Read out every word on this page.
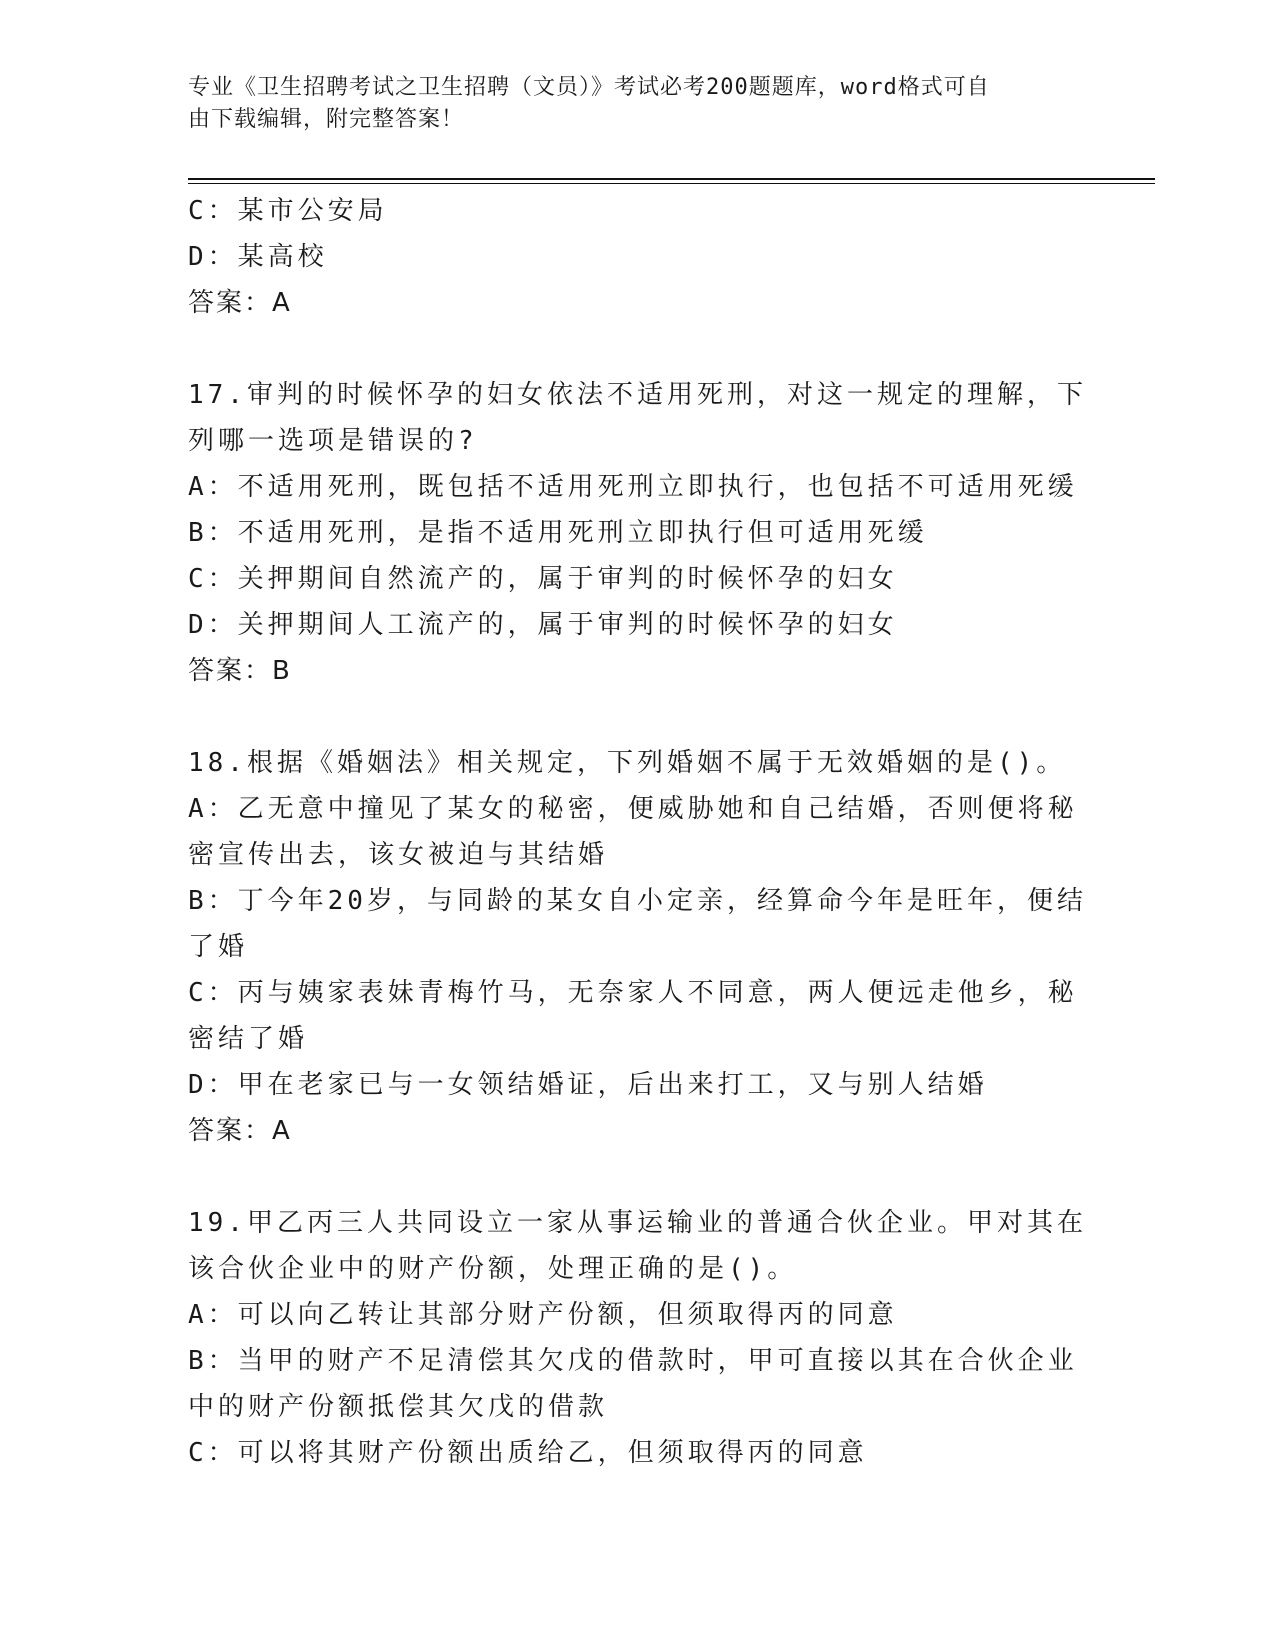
专业《卫生招聘考试之卫生招聘（文员）》考试必考200题题库，word格式可自
由下载编辑，附完整答案！

C：某市公安局

D：某高校

答案：A

17.审判的时候怀孕的妇女依法不适用死刑，对这一规定的理解，下列哪一选项是错误的?

A：不适用死刑，既包括不适用死刑立即执行，也包括不可适用死缓

B：不适用死刑，是指不适用死刑立即执行但可适用死缓

C：关押期间自然流产的，属于审判的时候怀孕的妇女

D：关押期间人工流产的，属于审判的时候怀孕的妇女

答案：B

18.根据《婚姻法》相关规定，下列婚姻不属于无效婚姻的是()。

A：乙无意中撞见了某女的秘密，便威胁她和自己结婚，否则便将秘密宣传出去，该女被迫与其结婚

B：丁今年20岁，与同龄的某女自小定亲，经算命今年是旺年，便结了婚

C：丙与姨家表妹青梅竹马，无奈家人不同意，两人便远走他乡，秘密结了婚

D：甲在老家已与一女领结婚证，后出来打工，又与别人结婚

答案：A

19.甲乙丙三人共同设立一家从事运输业的普通合伙企业。甲对其在该合伙企业中的财产份额，处理正确的是()。

A：可以向乙转让其部分财产份额，但须取得丙的同意

B：当甲的财产不足清偿其欠戊的借款时，甲可直接以其在合伙企业中的财产份额抵偿其欠戊的借款

C：可以将其财产份额出质给乙，但须取得丙的同意
